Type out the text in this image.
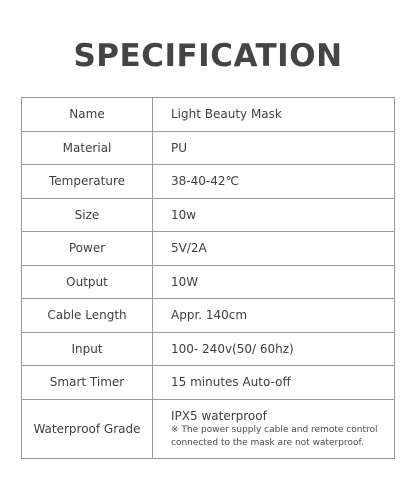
SPECIFICATION
Name	Light Beauty Mask
Material	PU
Temperature	38-40-42℃
Size	10w
Power	5V/2A
Output	10W
Cable Length	Appr. 140cm
Input	100- 240v(50/ 60hz)
Smart Timer	15 minutes Auto-off
Waterproof Grade	IPX5 waterproof
※ The power supply cable and remote control connected to the mask are not waterproof.
